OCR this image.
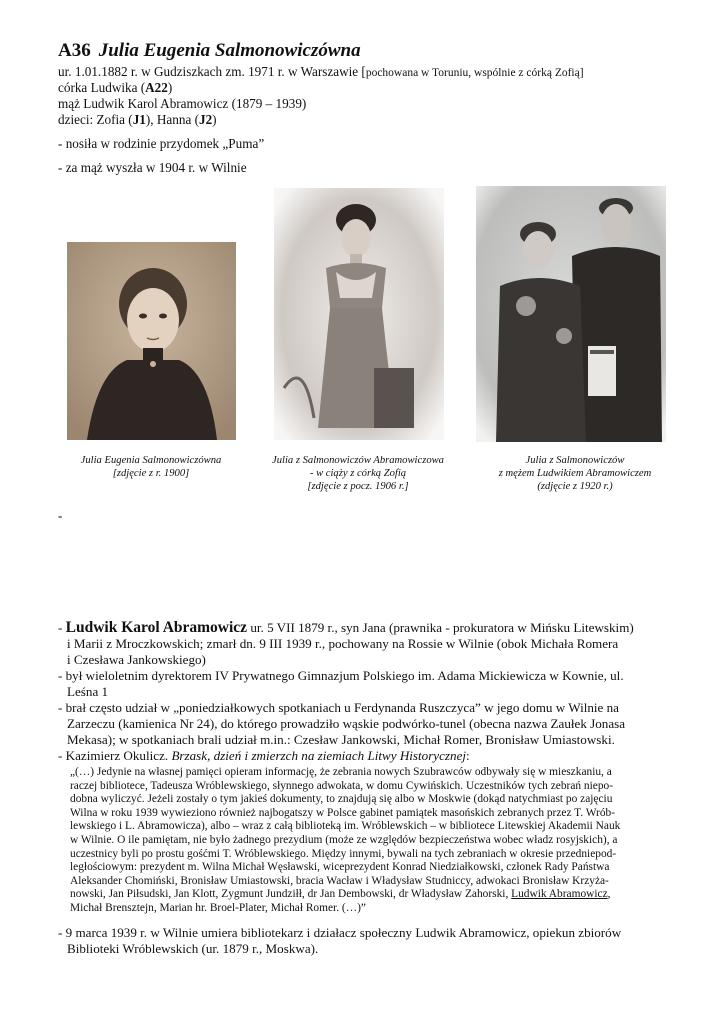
A36 Julia Eugenia Salmonowiczówna
ur. 1.01.1882 r. w Gudziszkach zm. 1971 r. w Warszawie [pochowana w Toruniu, wspólnie z córką Zofią]
córka Ludwika (A22)
mąż Ludwik Karol Abramowicz (1879 – 1939)
dzieci: Zofia (J1), Hanna (J2)
- nosiła w rodzinie przydomek „Puma”
- za mąż wyszła w 1904 r. w Wilnie
Julia Eugenia Salmonowiczówna
[zdjęcie z r. 1900]
Julia z Salmonowiczów Abramowiczowa
- w ciąży z córką Zofią
[zdjęcie z pocz. 1906 r.]
Julia z Salmonowiczów
z mężem Ludwikiem Abramowiczem
(zdjęcie z 1920 r.)
-
- Ludwik Karol Abramowicz ur. 5 VII 1879 r., syn Jana (prawnika - prokuratora w Mińsku Litewskim)
i Marii z Mroczkowskich; zmarł dn. 9 III 1939 r., pochowany na Rossie w Wilnie (obok Michała Romera
i Czesława Jankowskiego)
- był wieloletnim dyrektorem IV Prywatnego Gimnazjum Polskiego im. Adama Mickiewicza w Kownie, ul.
Leśna 1
- brał często udział w „poniedziałkowych spotkaniach u Ferdynanda Ruszczyca” w jego domu w Wilnie na
Zarzeczu (kamienica Nr 24), do którego prowadziło wąskie podwórko-tunel (obecna nazwa Zaułek Jonasa
Mekasa); w spotkaniach brali udział m.in.: Czesław Jankowski, Michał Romer, Bronisław Umiastowski.
- Kazimierz Okulicz. Brzask, dzień i zmierzch na ziemiach Litwy Historycznej:
„(…) Jedynie na własnej pamięci opieram informację, że zebrania nowych Szubrawców odbywały się w mieszkaniu, a
raczej bibliotece, Tadeusza Wróblewskiego, słynnego adwokata, w domu Cywińskich. Uczestników tych zebrań niepo-
dobna wyliczyć. Jeżeli zostały o tym jakieś dokumenty, to znajdują się albo w Moskwie (dokąd natychmiast po zajęciu
Wilna w roku 1939 wywieziono również najbogatszy w Polsce gabinet pamiątek masońskich zebranych przez T. Wrób-
lewskiego i L. Abramowicza), albo – wraz z całą biblioteką im. Wróblewskich – w bibliotece Litewskiej Akademii Nauk
w Wilnie. O ile pamiętam, nie było żadnego prezydium (może ze względów bezpieczeństwa wobec władz rosyjskich), a
uczestnicy byli po prostu gośćmi T. Wróblewskiego. Między innymi, bywali na tych zebraniach w okresie przedniepod-
ległościowym: prezydent m. Wilna Michał Węsławski, wiceprezydent Konrad Niedziałkowski, członek Rady Państwa
Aleksander Chomiński, Bronisław Umiastowski, bracia Wacław i Władysław Studniccy, adwokaci Bronisław Krzyża-
nowski, Jan Piłsudski, Jan Klott, Zygmunt Jundziłł, dr Jan Dembowski, dr Władysław Zahorski, Ludwik Abramowicz,
Michał Brensztejn, Marian hr. Broel-Plater, Michał Romer. (…)”
- 9 marca 1939 r. w Wilnie umiera bibliotekarz i działacz społeczny Ludwik Abramowicz, opiekun zbiorów
Biblioteki Wróblewskich (ur. 1879 r., Moskwa).
